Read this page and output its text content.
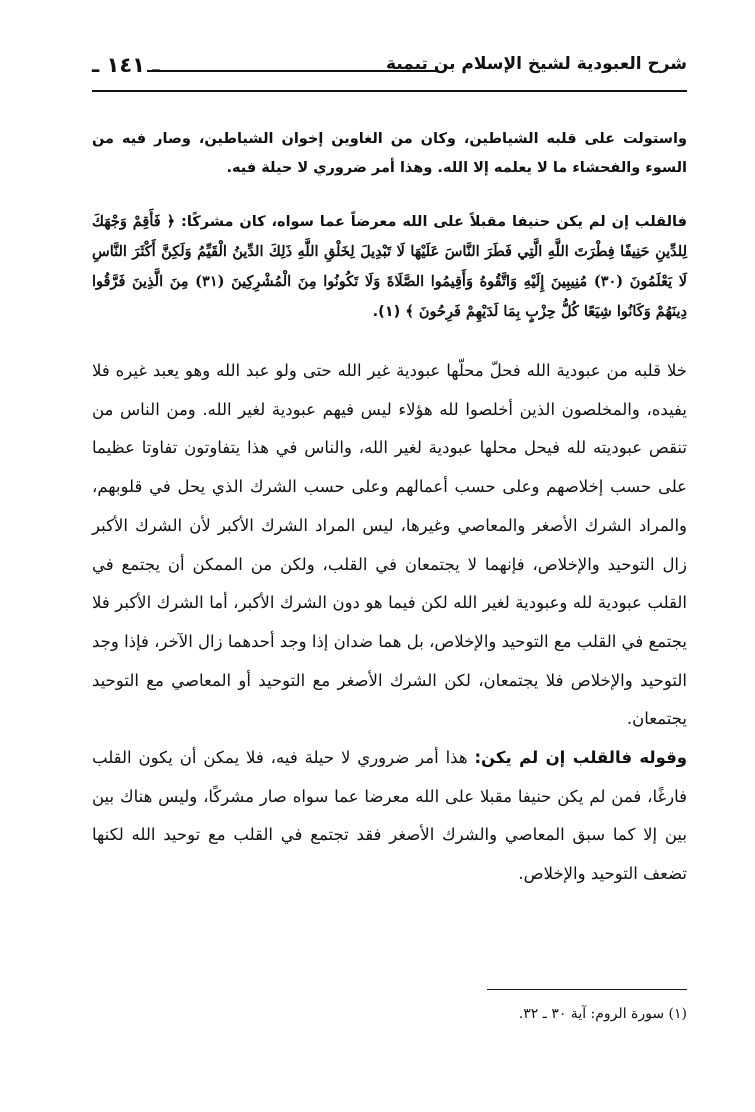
شرح العبودية لشيخ الإسلام بن تيمية
ـ ١٤١ ـ
واستولت على قلبه الشياطين، وكان من الغاوين إخوان الشياطين، وصار فيه من السوء والفحشاء ما لا يعلمه إلا الله. وهذا أمر ضروري لا حيلة فيه.
فالقلب إن لم يكن حنيفا مقبلاً على الله معرضاً عما سواه، كان مشركًا: ﴿ فَأَقِمْ وَجْهَكَ لِلدِّينِ حَنِيفًا فِطْرَتَ اللَّهِ الَّتِي فَطَرَ النَّاسَ عَلَيْهَا لَا تَبْدِيلَ لِخَلْقِ اللَّهِ ذَلِكَ الدِّينُ الْقَيِّمُ وَلَكِنَّ أَكْثَرَ النَّاسِ لَا يَعْلَمُونَ (٣٠) مُنِيبِينَ إِلَيْهِ وَاتَّقُوهُ وَأَقِيمُوا الصَّلَاةَ وَلَا تَكُونُوا مِنَ الْمُشْرِكِينَ (٣١) مِنَ الَّذِينَ فَرَّقُوا دِينَهُمْ وَكَانُوا شِيَعًا كُلُّ حِزْبٍ بِمَا لَدَيْهِمْ فَرِحُونَ ﴾ (١).

خلا قلبه من عبودية الله فحلّ محلّها عبودية غير الله حتى ولو عبد الله وهو يعبد غيره فلا يفيده، والمخلصون الذين أخلصوا لله هؤلاء ليس فيهم عبودية لغير الله. ومن الناس من تنقص عبوديته لله فيحل محلها عبودية لغير الله، والناس في هذا يتفاوتون تفاوتا عظيما على حسب إخلاصهم وعلى حسب أعمالهم وعلى حسب الشرك الذي يحل في قلوبهم، والمراد الشرك الأصغر والمعاصي وغيرها، ليس المراد الشرك الأكبر لأن الشرك الأكبر زال التوحيد والإخلاص، فإنهما لا يجتمعان في القلب، ولكن من الممكن أن يجتمع في القلب عبودية لله وعبودية لغير الله لكن فيما هو دون الشرك الأكبر، أما الشرك الأكبر فلا يجتمع في القلب مع التوحيد والإخلاص، بل هما ضدان إذا وجد أحدهما زال الآخر، فإذا وجد التوحيد والإخلاص فلا يجتمعان، لكن الشرك الأصغر مع التوحيد أو المعاصي مع التوحيد يجتمعان.

وقوله فالقلب إن لم يكن: هذا أمر ضروري لا حيلة فيه، فلا يمكن أن يكون القلب فارغًا، فمن لم يكن حنيفا مقبلا على الله معرضا عما سواه صار مشركًا، وليس هناك بين بين إلا كما سبق المعاصي والشرك الأصغر فقد تجتمع في القلب مع توحيد الله لكنها تضعف التوحيد والإخلاص.

(١) سورة الروم: آية ٣٠ ـ ٣٢.
